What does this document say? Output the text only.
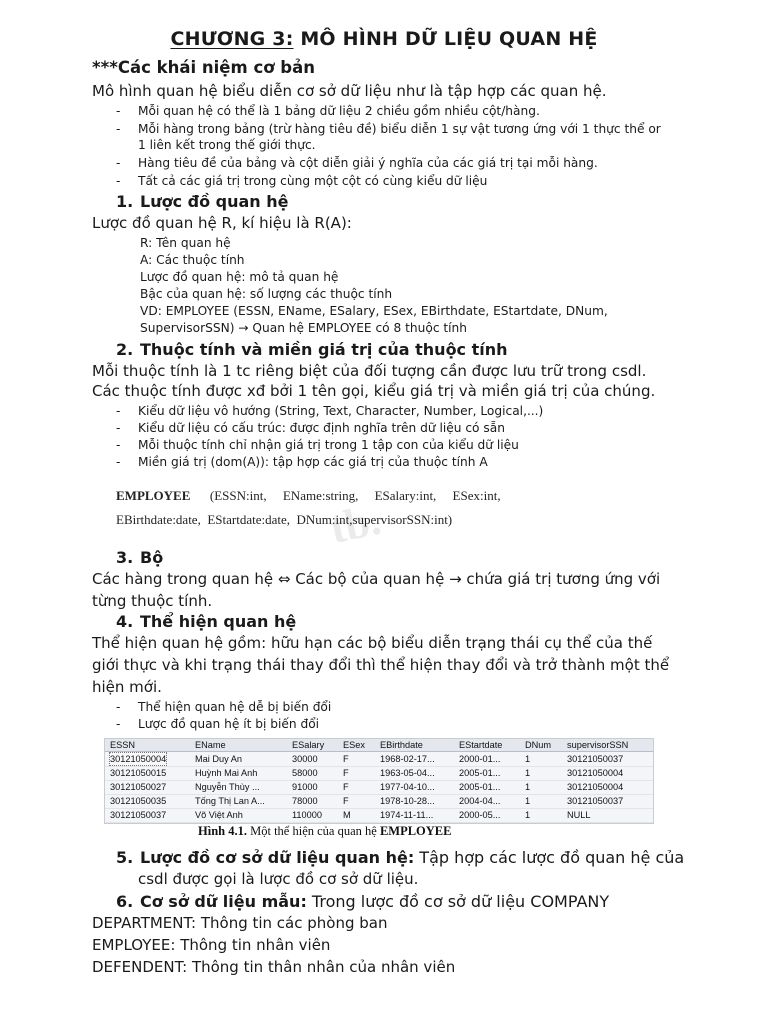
CHƯƠNG 3: MÔ HÌNH DỮ LIỆU QUAN HỆ
***Các khái niệm cơ bản
Mô hình quan hệ biểu diễn cơ sở dữ liệu như là tập hợp các quan hệ.
- Mỗi quan hệ có thể là 1 bảng dữ liệu 2 chiều gồm nhiều cột/hàng.
- Mỗi hàng trong bảng (trừ hàng tiêu đề) biểu diễn 1 sự vật tương ứng với 1 thực thể or
1 liên kết trong thế giới thực.
- Hàng tiêu đề của bảng và cột diễn giải ý nghĩa của các giá trị tại mỗi hàng.
- Tất cả các giá trị trong cùng một cột có cùng kiểu dữ liệu
1. Lược đồ quan hệ
Lược đồ quan hệ R, kí hiệu là R(A):
R: Tên quan hệ
A: Các thuộc tính
Lược đồ quan hệ: mô tả quan hệ
Bậc của quan hệ: số lượng các thuộc tính
VD: EMPLOYEE (ESSN, EName, ESalary, ESex, EBirthdate, EStartdate, DNum,
SupervisorSSN) → Quan hệ EMPLOYEE có 8 thuộc tính
2. Thuộc tính và miền giá trị của thuộc tính
Mỗi thuộc tính là 1 tc riêng biệt của đối tượng cần được lưu trữ trong csdl.
Các thuộc tính được xđ bởi 1 tên gọi, kiểu giá trị và miền giá trị của chúng.
- Kiểu dữ liệu vô hướng (String, Text, Character, Number, Logical,...)
- Kiểu dữ liệu có cấu trúc: được định nghĩa trên dữ liệu có sẵn
- Mỗi thuộc tính chỉ nhận giá trị trong 1 tập con của kiểu dữ liệu
- Miền giá trị (dom(A)): tập hợp các giá trị của thuộc tính A
tb.
EMPLOYEE (ESSN:int,     EName:string,     ESalary:int,     ESex:int,
EBirthdate:date,  EStartdate:date,  DNum:int,supervisorSSN:int)
3. Bộ
Các hàng trong quan hệ ⇔ Các bộ của quan hệ → chứa giá trị tương ứng với
từng thuộc tính.
4. Thể hiện quan hệ
Thể hiện quan hệ gồm: hữu hạn các bộ biểu diễn trạng thái cụ thể của thế
giới thực và khi trạng thái thay đổi thì thể hiện thay đổi và trở thành một thể
hiện mới.
- Thể hiện quan hệ dễ bị biến đổi
- Lược đồ quan hệ ít bị biến đổi
ESSN	EName	ESalary ESex EBirthdate	EStartdate DNum supervisorSSN
30121050004	Mai Duy An	30000	F	1968-02-17...	2000-01...	1	30121050037
30121050015	Huỳnh Mai Anh	58000	F	1963-05-04...	2005-01...	1	30121050004
30121050027	Nguyễn Thùy ...	91000	F	1977-04-10...	2005-01...	1	30121050004
30121050035	Tống Thị Lan A...	78000	F	1978-10-28...	2004-04...	1	30121050037
30121050037	Võ Việt Anh	110000 M	1974-11-11...	2000-05...	1	NULL
Hình 4.1. Một thể hiện của quan hệ EMPLOYEE
5. Lược đồ cơ sở dữ liệu quan hệ: Tập hợp các lược đồ quan hệ của
csdl được gọi là lược đồ cơ sở dữ liệu.
6. Cơ sở dữ liệu mẫu: Trong lược đồ cơ sở dữ liệu COMPANY
DEPARTMENT: Thông tin các phòng ban
EMPLOYEE: Thông tin nhân viên
DEFENDENT: Thông tin thân nhân của nhân viên
